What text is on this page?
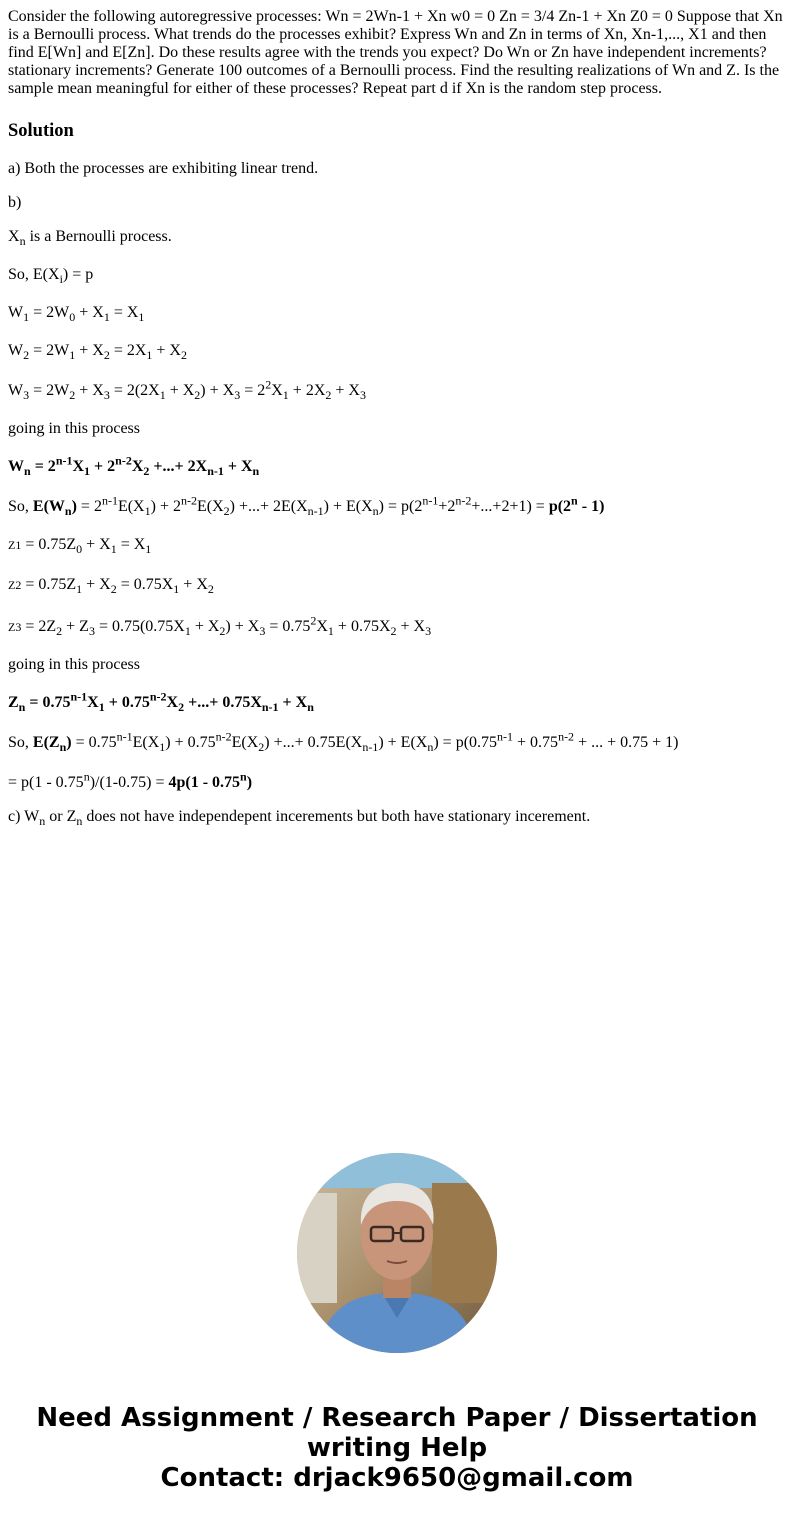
Consider the following autoregressive processes: Wn = 2Wn-1 + Xn w0 = 0 Zn = 3/4 Zn-1 + Xn Z0 = 0 Suppose that Xn is a Bernoulli process. What trends do the processes exhibit? Express Wn and Zn in terms of Xn, Xn-1,..., X1 and then find E[Wn] and E[Zn]. Do these results agree with the trends you expect? Do Wn or Zn have independent increments? stationary increments? Generate 100 outcomes of a Bernoulli process. Find the resulting realizations of Wn and Z. Is the sample mean meaningful for either of these processes? Repeat part d if Xn is the random step process.

Solution

a) Both the processes are exhibiting linear trend.

b)

$X_n$ is a Bernoulli process.

So, $E(X_i) = p$

$W_1 = 2W_0 + X_1 = X_1$

$W_2 = 2W_1 + X_2 = 2X_1 + X_2$

$W_3 = 2W_2 + X_3 = 2(2X_1 + X_2) + X_3 = 2^2X_1 + 2X_2 + X_3$

going in this process

$W_n = 2^{n-1}X_1 + 2^{n-2}X_2$ +...+ $2X_{n-1} + X_n$

So, $E(W_n) = 2^{n-1}E(X_1) + 2^{n-2}E(X_2)$ +...+ $2E(X_{n-1}) + E(X_n) = p(2^{n-1}+2^{n-2}+...+2+1) = p(2^n - 1)$

$Z1 = 0.75Z_0 + X_1 = X_1$

$Z2 = 0.75Z_1 + X_2 = 0.75X_1 + X_2$

$Z3 = 2Z_2 + Z_3 = 0.75(0.75X_1 + X_2) + X_3 = 0.75^2X_1 + 0.75X_2 + X_3$

going in this process

$Z_n = 0.75^{n-1}X_1 + 0.75^{n-2}X_2$ +...+ $0.75X_{n-1} + X_n$

So, $E(Z_n) = 0.75^{n-1}E(X_1) + 0.75^{n-2}E(X_2)$ +...+ $0.75E(X_{n-1}) + E(X_n) = p(0.75^{n-1} + 0.75^{n-2}$ + ... + 0.75 + 1)

= $p(1 - 0.75^n)/(1-0.75) = 4p(1 - 0.75^n)$

c) $W_n$ or $Z_n$ does not have independepent incerements but both have stationary incerement.

Need Assignment / Research Paper / Dissertation
writing Help
Contact: drjack9650@gmail.com
